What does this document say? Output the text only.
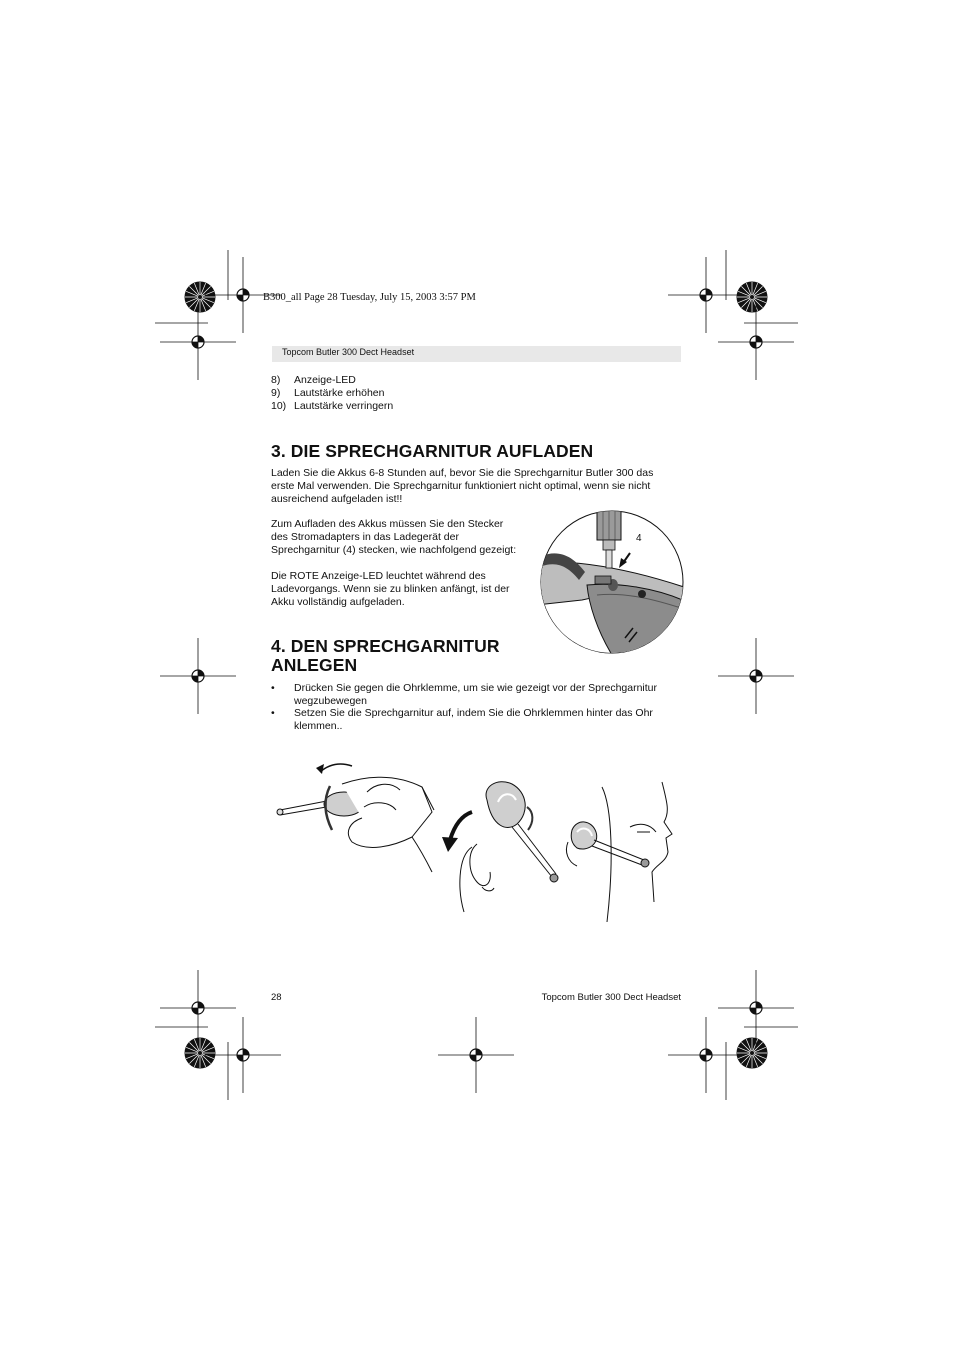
B300_all Page 28 Tuesday, July 15, 2003 3:57 PM
Topcom Butler 300 Dect Headset
8) Anzeige-LED
9) Lautstärke erhöhen
10) Lautstärke verringern
3. DIE SPRECHGARNITUR AUFLADEN
Laden Sie die Akkus 6-8 Stunden auf, bevor Sie die Sprechgarnitur Butler 300 das
erste Mal verwenden. Die Sprechgarnitur funktioniert nicht optimal, wenn sie nicht
ausreichend aufgeladen ist!!
Zum Aufladen des Akkus müssen Sie den Stecker
des Stromadapters in das Ladegerät der
Sprechgarnitur (4) stecken, wie nachfolgend gezeigt:
Die ROTE Anzeige-LED leuchtet während des
Ladevorgangs. Wenn sie zu blinken anfängt, ist der
Akku vollständig aufgeladen.
4
4. DEN SPRECHGARNITUR
ANLEGEN
• Drücken Sie gegen die Ohrklemme, um sie wie gezeigt vor der Sprechgarnitur
wegzubewegen
• Setzen Sie die Sprechgarnitur auf, indem Sie die Ohrklemmen hinter das Ohr
klemmen..
28	Topcom Butler 300 Dect Headset
